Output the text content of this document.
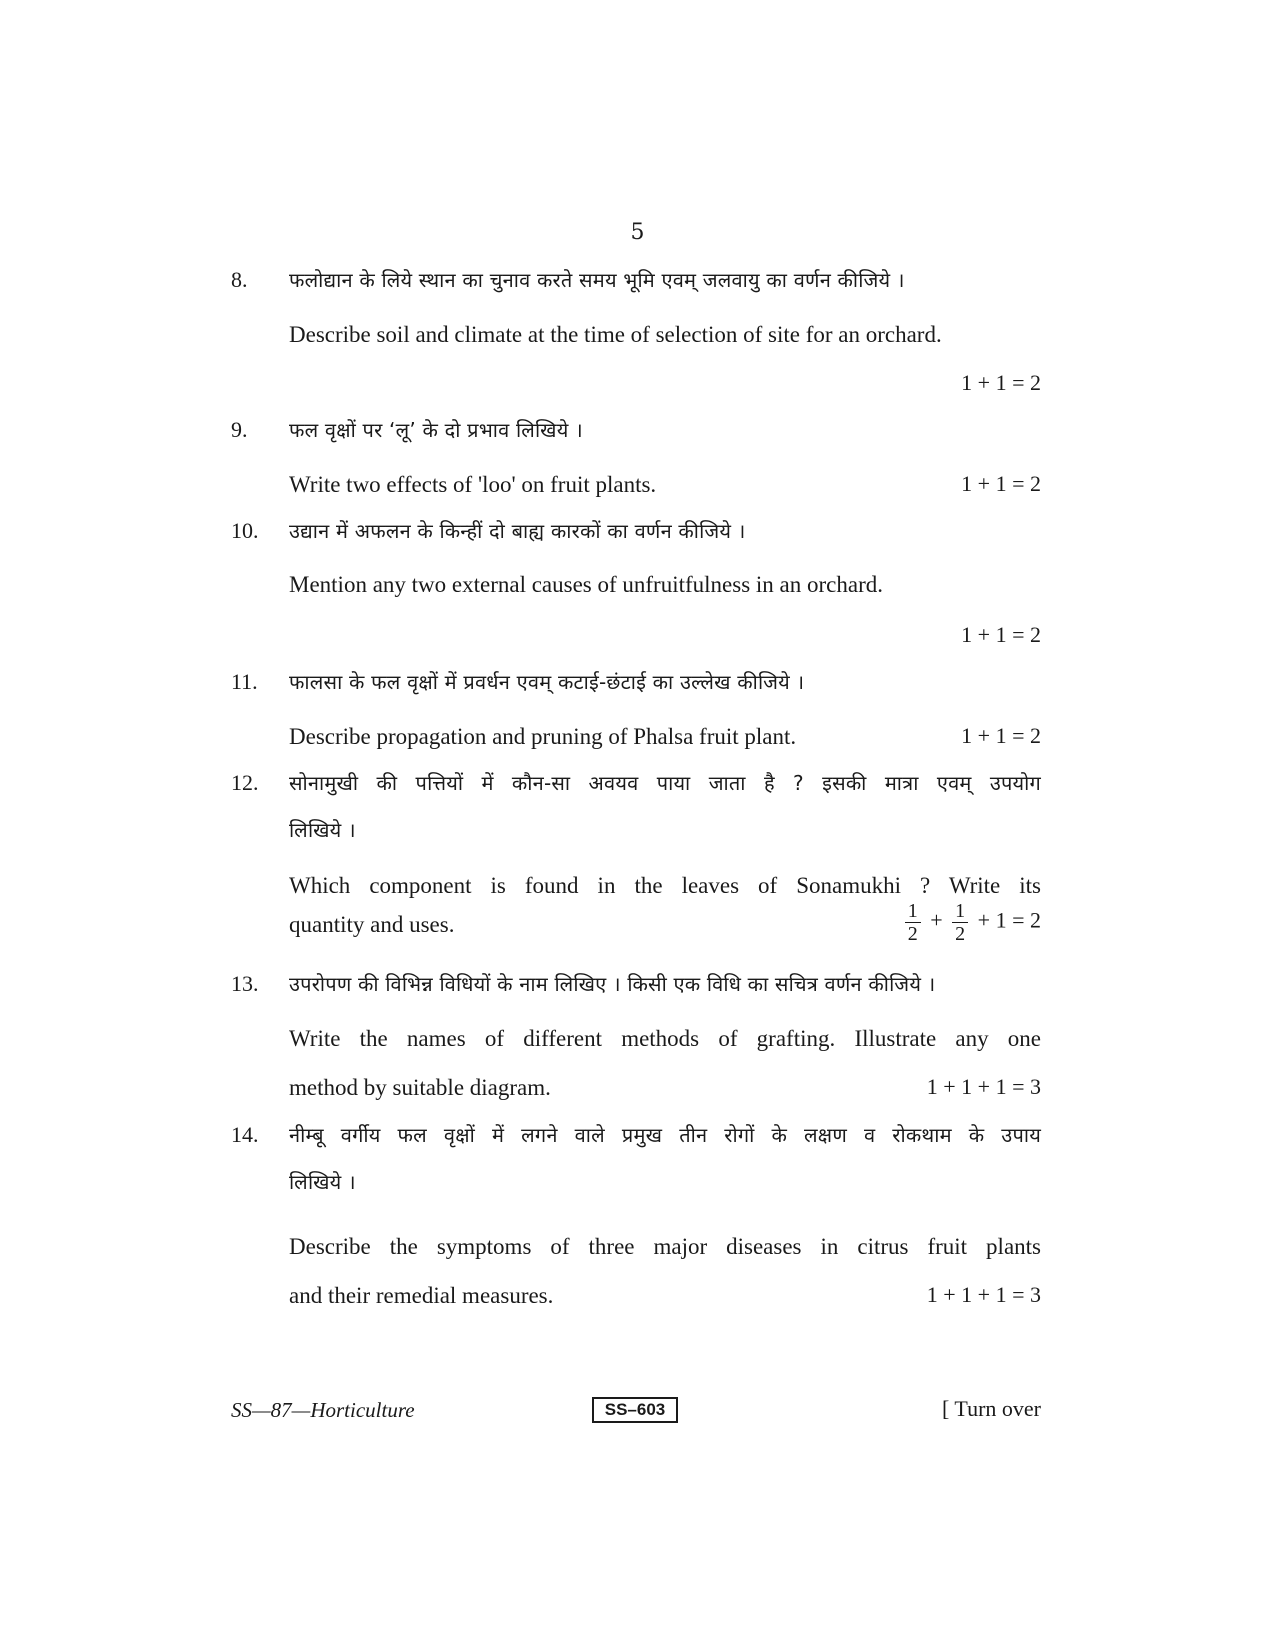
5
8. फलोद्यान के लिये स्थान का चुनाव करते समय भूमि एवम् जलवायु का वर्णन कीजिये ।
Describe soil and climate at the time of selection of site for an orchard.
1 + 1 = 2
9. फल वृक्षों पर ‘लू’ के दो प्रभाव लिखिये ।
Write two effects of 'loo' on fruit plants.	1 + 1 = 2
10. उद्यान में अफलन के किन्हीं दो बाह्य कारकों का वर्णन कीजिये ।
Mention any two external causes of unfruitfulness in an orchard.
1 + 1 = 2
11. फालसा के फल वृक्षों में प्रवर्धन एवम् कटाई-छंटाई का उल्लेख कीजिये ।
Describe propagation and pruning of Phalsa fruit plant.	1 + 1 = 2
12. सोनामुखी की पत्तियों में कौन-सा अवयव पाया जाता है ? इसकी मात्रा एवम् उपयोग
लिखिये ।
Which component is found in the leaves of Sonamukhi ? Write its
quantity and uses.	$\frac{1}{2} + \frac{1}{2} + 1 = 2$
13. उपरोपण की विभिन्न विधियों के नाम लिखिए । किसी एक विधि का सचित्र वर्णन कीजिये ।
Write the names of different methods of grafting. Illustrate any one
method by suitable diagram.	1 + 1 + 1 = 3
14. नीम्बू वर्गीय फल वृक्षों में लगने वाले प्रमुख तीन रोगों के लक्षण व रोकथाम के उपाय
लिखिये ।
Describe the symptoms of three major diseases in citrus fruit plants
and their remedial measures.	1 + 1 + 1 = 3
SS—87—Horticulture	SS–603	[ Turn over
